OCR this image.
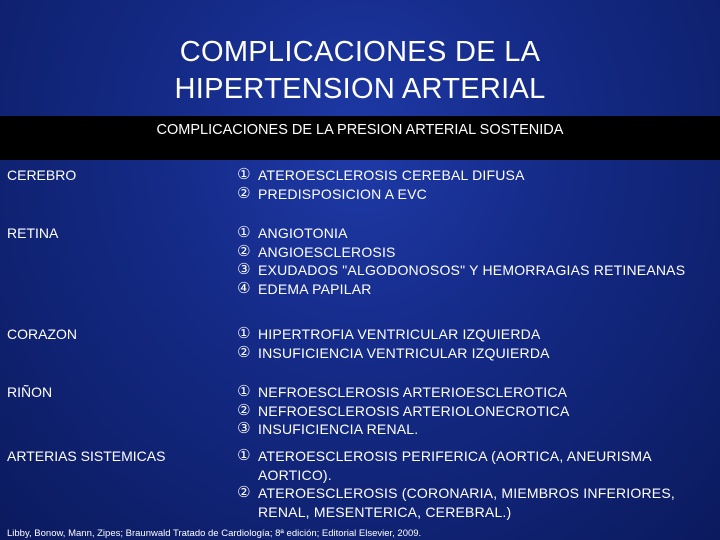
COMPLICACIONES DE LA
HIPERTENSION ARTERIAL
COMPLICACIONES DE LA PRESION ARTERIAL SOSTENIDA
CEREBRO	① ATEROESCLEROSIS CEREBAL DIFUSA
② PREDISPOSICION A EVC
RETINA	① ANGIOTONIA
② ANGIOESCLEROSIS
③ EXUDADOS "ALGODONOSOS" Y HEMORRAGIAS RETINEANAS
④ EDEMA PAPILAR
CORAZON	① HIPERTROFIA VENTRICULAR IZQUIERDA
② INSUFICIENCIA VENTRICULAR IZQUIERDA
RIÑON	① NEFROESCLEROSIS ARTERIOESCLEROTICA
② NEFROESCLEROSIS ARTERIOLONECROTICA
③ INSUFICIENCIA RENAL.
ARTERIAS SISTEMICAS	① ATEROESCLEROSIS PERIFERICA (AORTICA, ANEURISMA AORTICO).
② ATEROESCLEROSIS (CORONARIA, MIEMBROS INFERIORES, RENAL, MESENTERICA, CEREBRAL.)
Libby, Bonow, Mann, Zipes; Braunwald Tratado de Cardiología; 8ª edición; Editorial Elsevier, 2009.
